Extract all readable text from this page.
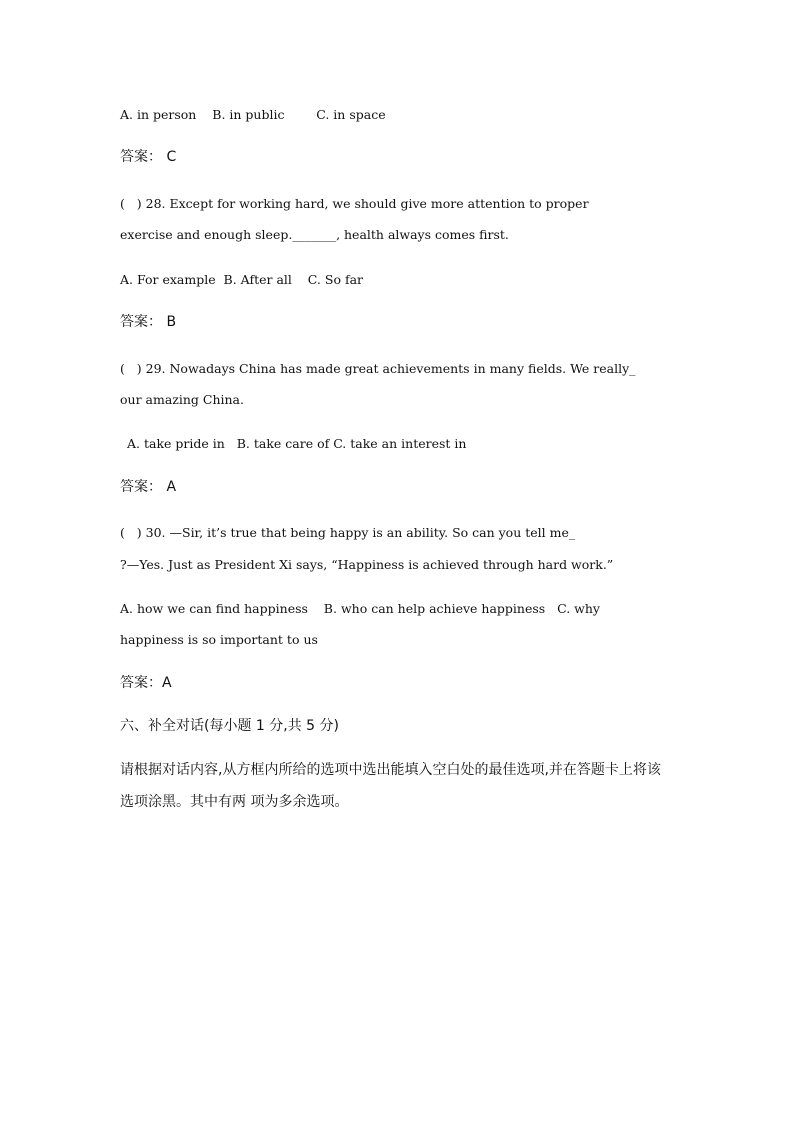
A. in person    B. in public        C. in space
答案： C
(   ) 28. Except for working hard, we should give more attention to proper
exercise and enough sleep._______, health always comes first.
A. For example  B. After all    C. So far
答案： B
(   ) 29. Nowadays China has made great achievements in many fields. We really_
our amazing China.
A. take pride in   B. take care of C. take an interest in
答案： A
(   ) 30. —Sir, it’s true that being happy is an ability. So can you tell me_
?—Yes. Just as President Xi says, “Happiness is achieved through hard work.”
A. how we can find happiness    B. who can help achieve happiness   C. why
happiness is so important to us
答案：A
六、补全对话(每小题 1 分,共 5 分)
请根据对话内容,从方框内所给的选项中选出能填入空白处的最佳选项,并在答题卡上将该
选项涂黑。其中有两 项为多余选项。
